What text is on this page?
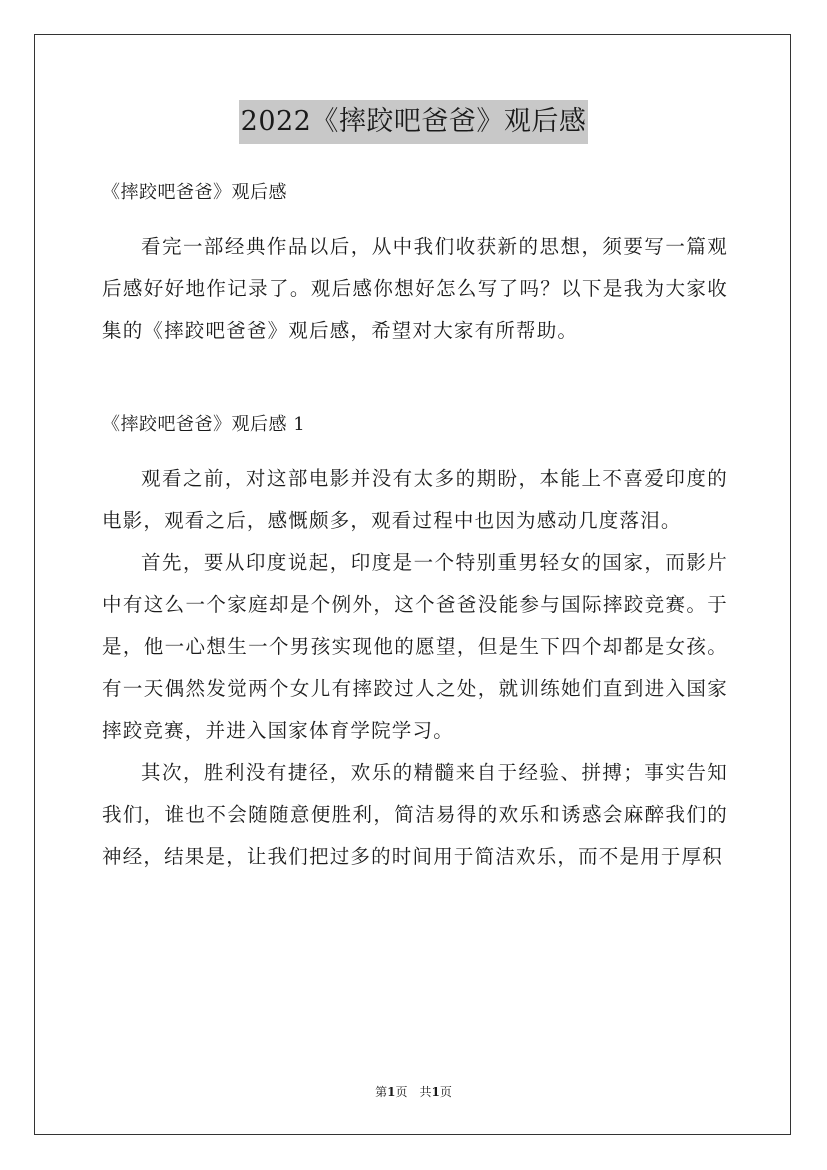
2022《摔跤吧爸爸》观后感

《摔跤吧爸爸》观后感

看完一部经典作品以后，从中我们收获新的思想，须要写一篇观后感好好地作记录了。观后感你想好怎么写了吗？以下是我为大家收集的《摔跤吧爸爸》观后感，希望对大家有所帮助。

《摔跤吧爸爸》观后感 1

观看之前，对这部电影并没有太多的期盼，本能上不喜爱印度的电影，观看之后，感慨颇多，观看过程中也因为感动几度落泪。

首先，要从印度说起，印度是一个特别重男轻女的国家，而影片中有这么一个家庭却是个例外，这个爸爸没能参与国际摔跤竞赛。于是，他一心想生一个男孩实现他的愿望，但是生下四个却都是女孩。有一天偶然发觉两个女儿有摔跤过人之处，就训练她们直到进入国家摔跤竞赛，并进入国家体育学院学习。

其次，胜利没有捷径，欢乐的精髓来自于经验、拼搏；事实告知我们，谁也不会随随意便胜利，简洁易得的欢乐和诱惑会麻醉我们的神经，结果是，让我们把过多的时间用于简洁欢乐，而不是用于厚积

第1页　共1页
